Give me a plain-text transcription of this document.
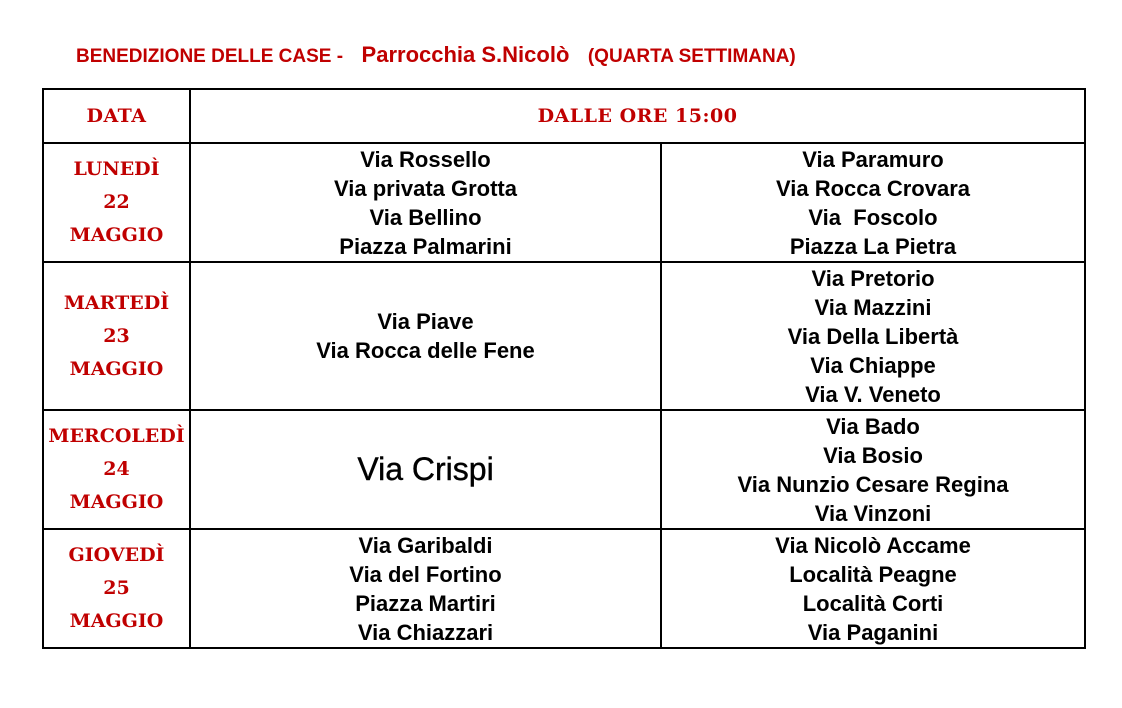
BENEDIZIONE DELLE CASE - Parrocchia S.Nicolò (QUARTA SETTIMANA)
DATA	DALLE ORE 15:00	

LUNEDÌ
22
MAGGIO	Via Rossello
Via privata Grotta
Via Bellino
Piazza Palmarini	Via Paramuro
Via Rocca Crovara
Via  Foscolo
Piazza La Pietra

MARTEDÌ
23
MAGGIO	Via Piave
Via Rocca delle Fene	Via Pretorio
Via Mazzini
Via Della Libertà
Via Chiappe
Via V. Veneto

MERCOLEDÌ
24
MAGGIO	Via Crispi	Via Bado
Via Bosio
Via Nunzio Cesare Regina
Via Vinzoni

GIOVEDÌ
25
MAGGIO	Via Garibaldi
Via del Fortino
Piazza Martiri
Via Chiazzari	Via Nicolò Accame
Località Peagne
Località Corti
Via Paganini
